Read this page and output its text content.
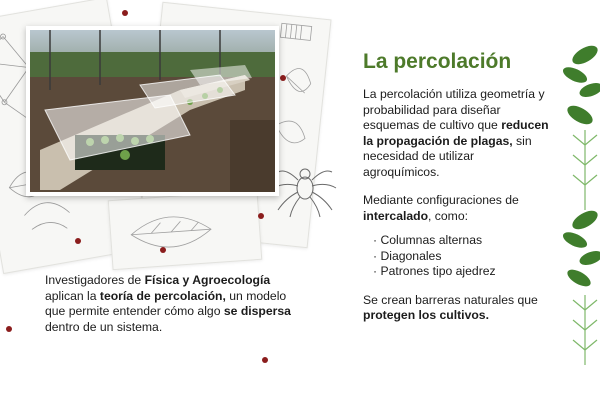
Investigadores de Física y Agroecología
aplican la teoría de percolación, un modelo que permite entender cómo algo se dispersa dentro de un sistema.
La percolación

La percolación utiliza geometría y probabilidad para diseñar esquemas de cultivo que reducen la propagación de plagas, sin necesidad de utilizar agroquímicos.

Mediante configuraciones de intercalado, como:

· Columnas alternas
· Diagonales
· Patrones tipo ajedrez

Se crean barreras naturales que protegen los cultivos.
